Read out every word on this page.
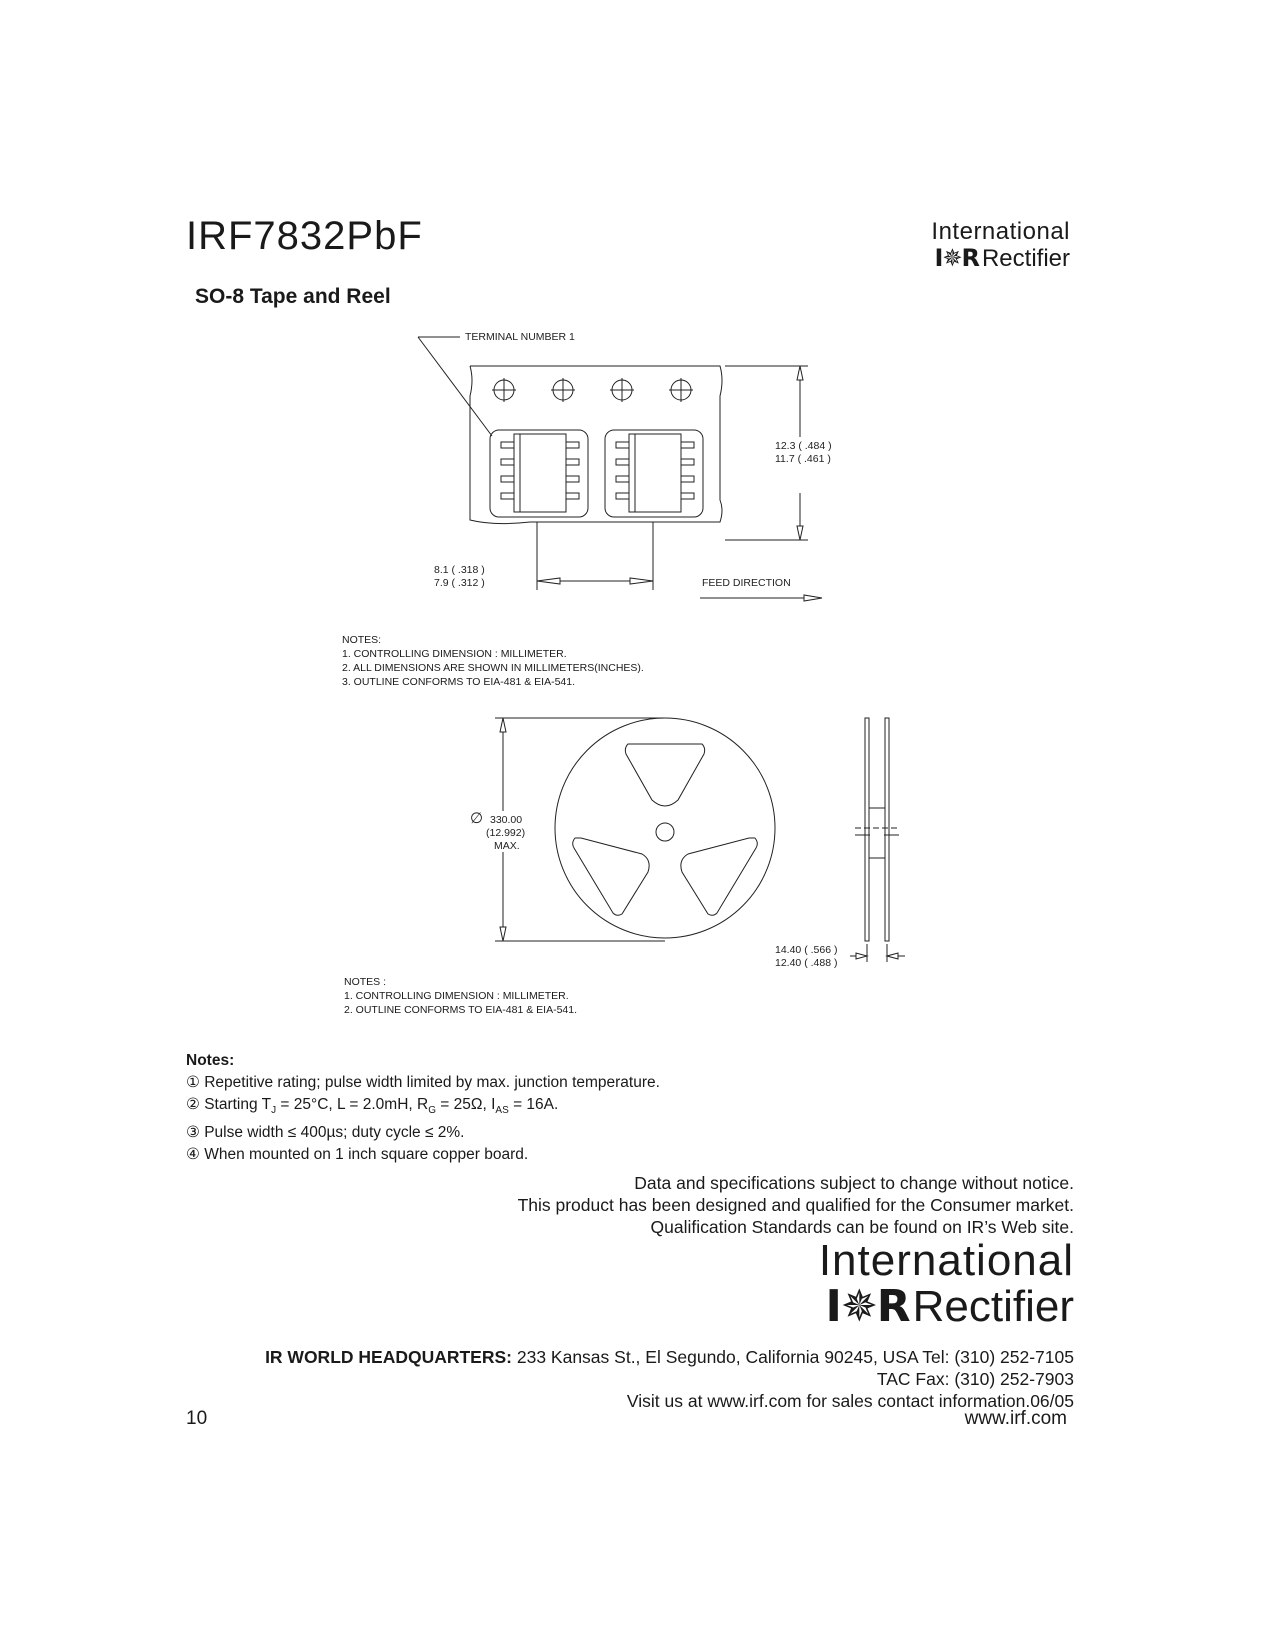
IRF7832PbF	International
I✵R Rectifier
SO-8 Tape and Reel
TERMINAL NUMBER 1
12.3 ( .484 )
11.7 ( .461 )
8.1 ( .318 )
7.9 ( .312 )	FEED DIRECTION
∅ 330.00
(12.992)
MAX.
14.40 ( .566 )
12.40 ( .488 )
NOTES:
1. CONTROLLING DIMENSION : MILLIMETER.
2. ALL DIMENSIONS ARE SHOWN IN MILLIMETERS(INCHES).
3. OUTLINE CONFORMS TO EIA-481 & EIA-541.
NOTES :
1. CONTROLLING DIMENSION : MILLIMETER.
2. OUTLINE CONFORMS TO EIA-481 & EIA-541.
Notes:
① Repetitive rating; pulse width limited by max. junction temperature.
② Starting $T_J = 25^\circ C$, L = 2.0mH, $R_G = 25\Omega$, $I_{AS} = 16A$.
③ Pulse width ≤ 400µs; duty cycle ≤ 2%.
④ When mounted on 1 inch square copper board.
Data and specifications subject to change without notice.
This product has been designed and qualified for the Consumer market.
Qualification Standards can be found on IR’s Web site.
International
I✵RRectifier
IR WORLD HEADQUARTERS: 233 Kansas St., El Segundo, California 90245, USA Tel: (310) 252-7105
TAC Fax: (310) 252-7903
Visit us at www.irf.com for sales contact information.06/05
10	www.irf.com
